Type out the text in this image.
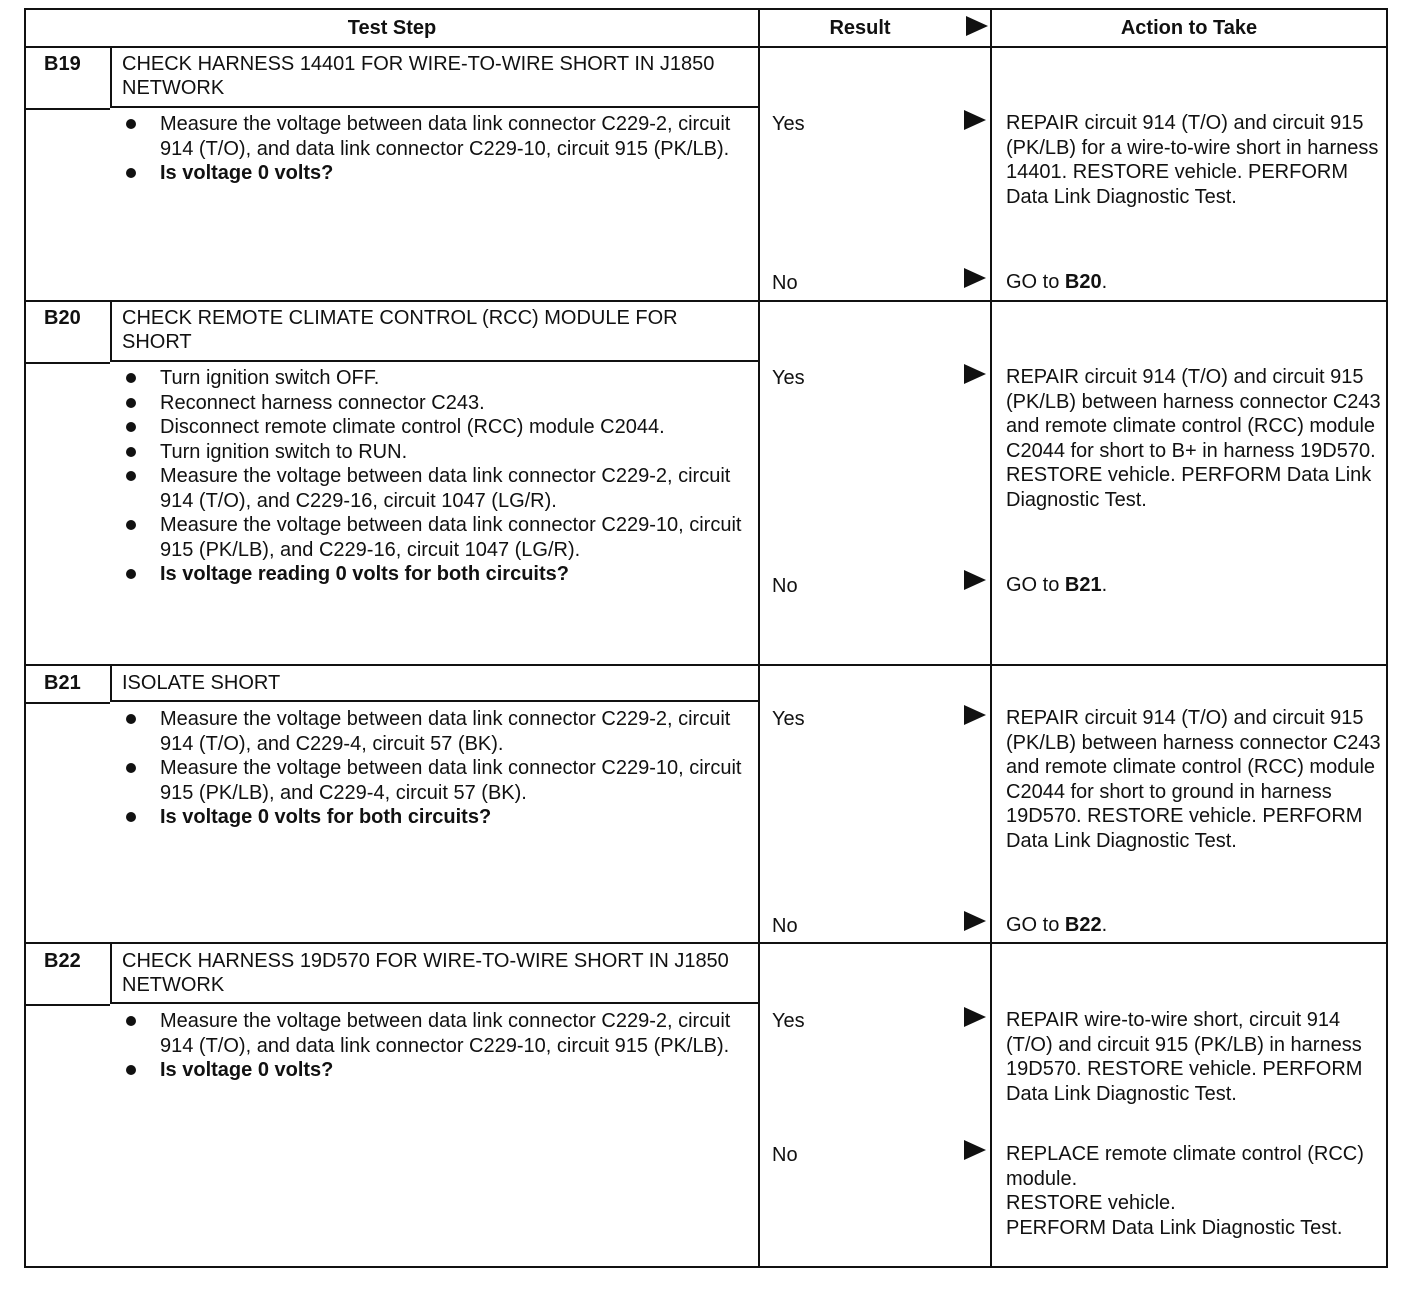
Test Step	Result	Action to Take
B19 CHECK HARNESS 14401 FOR WIRE-TO-WIRE SHORT IN J1850 NETWORK
Measure the voltage between data link connector C229-2, circuit 914 (T/O), and data link connector C229-10, circuit 915 (PK/LB).
Is voltage 0 volts?
Yes	REPAIR circuit 914 (T/O) and circuit 915 (PK/LB) for a wire-to-wire short in harness 14401. RESTORE vehicle. PERFORM Data Link Diagnostic Test.
No	GO to B20.
B20 CHECK REMOTE CLIMATE CONTROL (RCC) MODULE FOR SHORT
Turn ignition switch OFF.
Reconnect harness connector C243.
Disconnect remote climate control (RCC) module C2044.
Turn ignition switch to RUN.
Measure the voltage between data link connector C229-2, circuit 914 (T/O), and C229-16, circuit 1047 (LG/R).
Measure the voltage between data link connector C229-10, circuit 915 (PK/LB), and C229-16, circuit 1047 (LG/R).
Is voltage reading 0 volts for both circuits?
Yes	REPAIR circuit 914 (T/O) and circuit 915 (PK/LB) between harness connector C243 and remote climate control (RCC) module C2044 for short to B+ in harness 19D570. RESTORE vehicle. PERFORM Data Link Diagnostic Test.
No	GO to B21.
B21 ISOLATE SHORT
Measure the voltage between data link connector C229-2, circuit 914 (T/O), and C229-4, circuit 57 (BK).
Measure the voltage between data link connector C229-10, circuit 915 (PK/LB), and C229-4, circuit 57 (BK).
Is voltage 0 volts for both circuits?
Yes	REPAIR circuit 914 (T/O) and circuit 915 (PK/LB) between harness connector C243 and remote climate control (RCC) module C2044 for short to ground in harness 19D570. RESTORE vehicle. PERFORM Data Link Diagnostic Test.
No	GO to B22.
B22 CHECK HARNESS 19D570 FOR WIRE-TO-WIRE SHORT IN J1850 NETWORK
Measure the voltage between data link connector C229-2, circuit 914 (T/O), and data link connector C229-10, circuit 915 (PK/LB).
Is voltage 0 volts?
Yes	REPAIR wire-to-wire short, circuit 914 (T/O) and circuit 915 (PK/LB) in harness 19D570. RESTORE vehicle. PERFORM Data Link Diagnostic Test.
No	REPLACE remote climate control (RCC) module.
RESTORE vehicle.
PERFORM Data Link Diagnostic Test.
